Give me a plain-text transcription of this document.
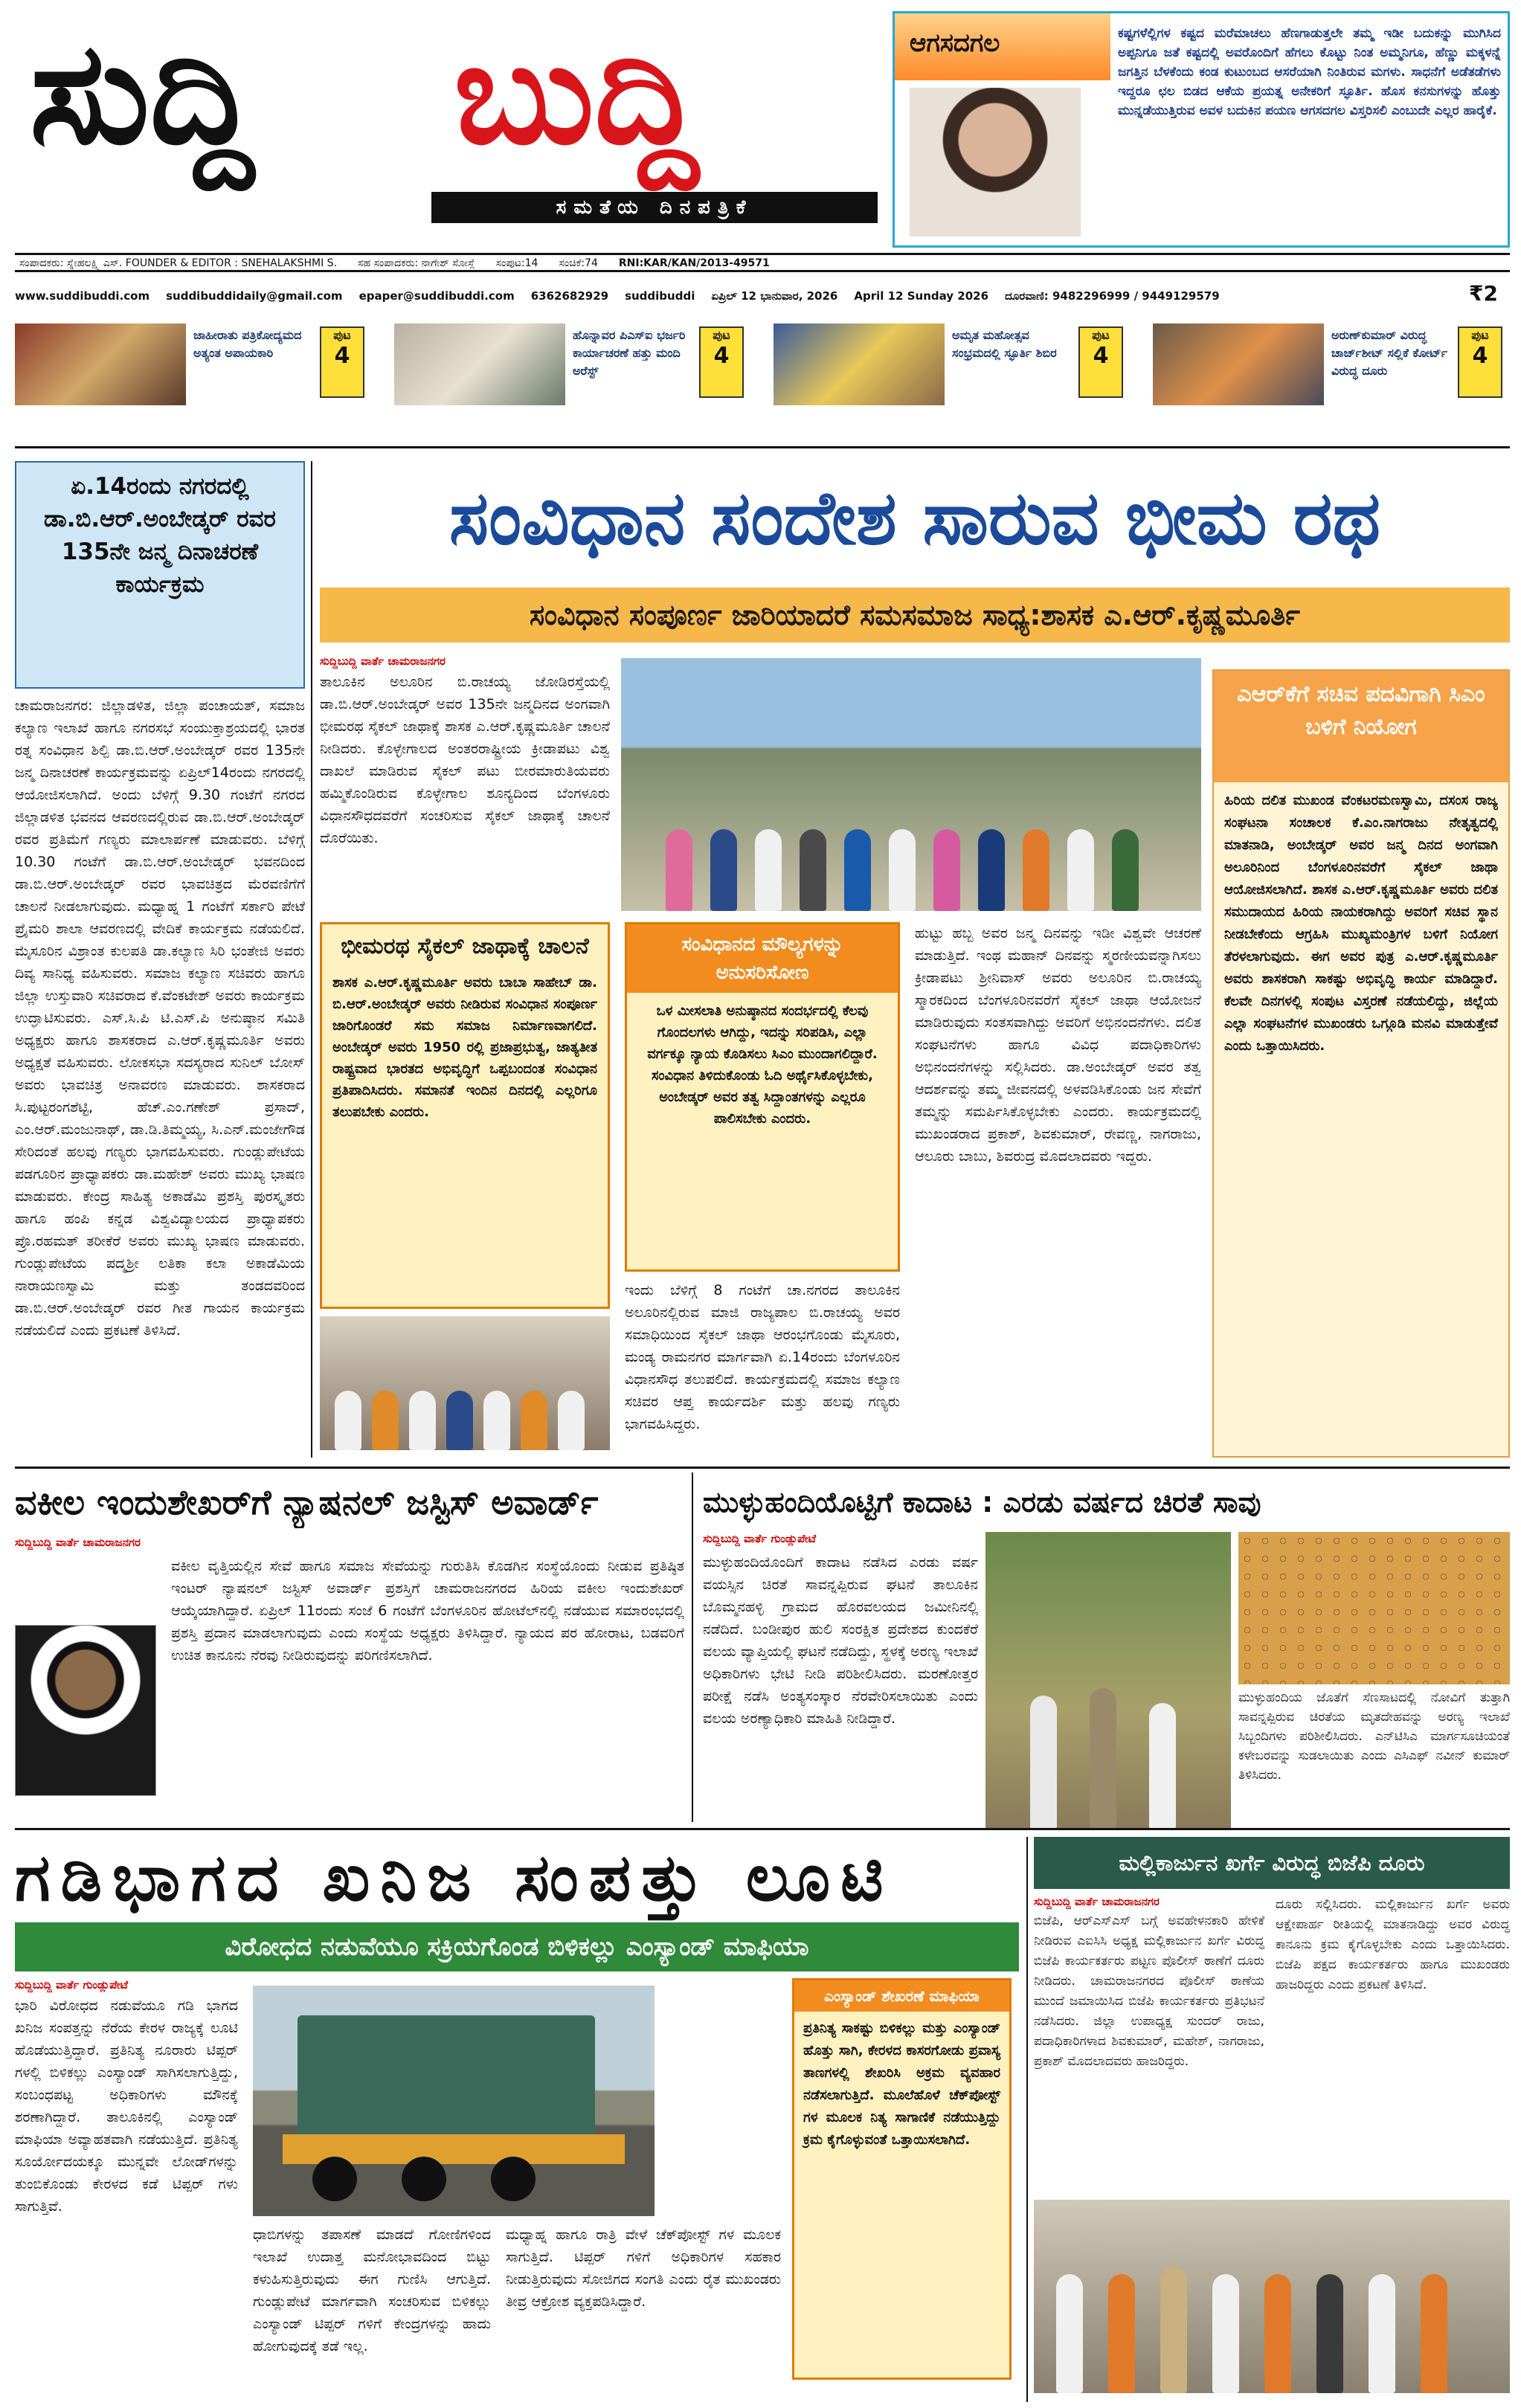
ಸುದ್ದಿ ಬುದ್ದಿ
ಸಮತೆಯ ದಿನಪತ್ರಿಕೆ
ಆಗಸದಗಲ	ಕಷ್ಟಗಳೆಲ್ಲಿಗಳ ಕಷ್ಟದ ಮರೆಮಾಚಲು ಹೆಣಗಾಡುತ್ತಲೇ ತಮ್ಮ ಇಡೀ ಬದುಕನ್ನು ಮುಗಿಸಿದ ಅಪ್ಪನಿಗೂ ಜತೆ ಕಷ್ಟದಲ್ಲಿ ಅವರೊಂದಿಗೆ ಹೆಗಲು ಕೊಟ್ಟು ನಿಂತ ಅಮ್ಮನಿಗೂ, ಹೆಣ್ಣು ಮಕ್ಕಳನ್ನೆ ಜಗತ್ತಿನ ಬೆಳಕೆಂದು ಕಂಡ ಕುಟುಂಬದ ಆಸರೆಯಾಗಿ ನಿಂತಿರುವ ಮಗಳು. ಸಾಧನೆಗೆ ಅಡೆತಡೆಗಳು ಇದ್ದರೂ ಛಲ ಬಿಡದ ಆಕೆಯ ಪ್ರಯತ್ನ ಅನೇಕರಿಗೆ ಸ್ಫೂರ್ತಿ. ಹೊಸ ಕನಸುಗಳನ್ನು ಹೊತ್ತು ಮುನ್ನಡೆಯುತ್ತಿರುವ ಅವಳ ಬದುಕಿನ ಪಯಣ ಆಗಸದಗಲ ವಿಸ್ತರಿಸಲಿ ಎಂಬುದೇ ಎಲ್ಲರ ಹಾರೈಕೆ.
ಸಂಪಾದಕರು: ಸ್ನೇಹಲಕ್ಷ್ಮಿ ಎಸ್. FOUNDER & EDITOR : SNEHALAKSHMI S. ಸಹ ಸಂಪಾದಕರು: ನಾಗೇಶ್ ಸೋಸ್ಲೆ ಸಂಪುಟ:14 ಸಂಚಿಕೆ:74 RNI:KAR/KAN/2013-49571
www.suddibuddi.com suddibuddidaily@gmail.com epaper@suddibuddi.com 6362682929 suddibuddi ಏಪ್ರಿಲ್ 12 ಭಾನುವಾರ, 2026 April 12 Sunday 2026 ದೂರವಾಣಿ: 9482296999 / 9449129579	₹2
ಜಾಹೀರಾತು ಪತ್ರಿಕೋದ್ಯಮದ ಅತ್ಯಂತ ಅಪಾಯಕಾರಿ
ಪುಟ
4
ಹೊನ್ನಾವರ ಪಿಎಸ್‌ಐ ಭರ್ಜರಿ ಕಾರ್ಯಾಚರಣೆ ಹತ್ತು ಮಂದಿ ಅರೆಸ್ಟ್
ಪುಟ
4
ಅಮೃತ ಮಹೋತ್ಸವ ಸಂಭ್ರಮದಲ್ಲಿ ಸ್ಫೂರ್ತಿ ಶಿಬಿರ
ಪುಟ
4
ಅರುಣ್‌ಕುಮಾರ್ ವಿರುದ್ಧ ಚಾರ್ಜ್‌ಶೀಟ್ ಸಲ್ಲಿಕೆ ಕೋರ್ಟ್ ವಿರುದ್ಧ ದೂರು
ಪುಟ
4
ಏ.14ರಂದು ನಗರದಲ್ಲಿ ಡಾ.ಬಿ.ಆರ್.ಅಂಬೇಡ್ಕರ್ ರವರ 135ನೇ ಜನ್ಮ ದಿನಾಚರಣೆ ಕಾರ್ಯಕ್ರಮ
ಚಾಮರಾಜನಗರ: ಜಿಲ್ಲಾಡಳಿತ, ಜಿಲ್ಲಾ ಪಂಚಾಯತ್, ಸಮಾಜ ಕಲ್ಯಾಣ ಇಲಾಖೆ ಹಾಗೂ ನಗರಸಭೆ ಸಂಯುಕ್ತಾಶ್ರಯದಲ್ಲಿ ಭಾರತ ರತ್ನ ಸಂವಿಧಾನ ಶಿಲ್ಪಿ ಡಾ.ಬಿ.ಆರ್.ಅಂಬೇಡ್ಕರ್ ರವರ 135ನೇ ಜನ್ಮ ದಿನಾಚರಣೆ ಕಾರ್ಯಕ್ರಮವನ್ನು ಏಪ್ರಿಲ್14ರಂದು ನಗರದಲ್ಲಿ ಆಯೋಜಿಸಲಾಗಿದೆ. ಅಂದು ಬೆಳಿಗ್ಗೆ 9.30 ಗಂಟೆಗೆ ನಗರದ ಜಿಲ್ಲಾಡಳಿತ ಭವನದ ಆವರಣದಲ್ಲಿರುವ ಡಾ.ಬಿ.ಆರ್.ಅಂಬೇಡ್ಕರ್ ರವರ ಪ್ರತಿಮೆಗೆ ಗಣ್ಯರು ಮಾಲಾರ್ಪಣೆ ಮಾಡುವರು. ಬೆಳಿಗ್ಗೆ 10.30 ಗಂಟೆಗೆ ಡಾ.ಬಿ.ಆರ್.ಅಂಬೇಡ್ಕರ್ ಭವನದಿಂದ ಡಾ.ಬಿ.ಆರ್.ಅಂಬೇಡ್ಕರ್ ರವರ ಭಾವಚಿತ್ರದ ಮೆರವಣಿಗೆಗೆ ಚಾಲನೆ ನೀಡಲಾಗುವುದು. ಮಧ್ಯಾಹ್ನ 1 ಗಂಟೆಗೆ ಸರ್ಕಾರಿ ಪೇಟೆ ಪ್ರೈಮರಿ ಶಾಲಾ ಆವರಣದಲ್ಲಿ ವೇದಿಕೆ ಕಾರ್ಯಕ್ರಮ ನಡೆಯಲಿದೆ. ಮೈಸೂರಿನ ವಿಶ್ರಾಂತ ಕುಲಪತಿ ಡಾ.ಕಲ್ಯಾಣ ಸಿರಿ ಭಂತೇಜಿ ಅವರು ದಿವ್ಯ ಸಾನಿಧ್ಯ ವಹಿಸುವರು. ಸಮಾಜ ಕಲ್ಯಾಣ ಸಚಿವರು ಹಾಗೂ ಜಿಲ್ಲಾ ಉಸ್ತುವಾರಿ ಸಚಿವರಾದ ಕೆ.ವೆಂಕಟೇಶ್ ಅವರು ಕಾರ್ಯಕ್ರಮ ಉದ್ಘಾಟಿಸುವರು. ಎಸ್.ಸಿ.ಪಿ ಟಿ.ಎಸ್.ಪಿ ಅನುಷ್ಠಾನ ಸಮಿತಿ ಅಧ್ಯಕ್ಷರು ಹಾಗೂ ಶಾಸಕರಾದ ಎ.ಆರ್.ಕೃಷ್ಣಮೂರ್ತಿ ಅವರು ಅಧ್ಯಕ್ಷತೆ ವಹಿಸುವರು. ಲೋಕಸಭಾ ಸದಸ್ಯರಾದ ಸುನಿಲ್ ಬೋಸ್ ಅವರು ಭಾವಚಿತ್ರ ಅನಾವರಣ ಮಾಡುವರು. ಶಾಸಕರಾದ ಸಿ.ಪುಟ್ಟರಂಗಶೆಟ್ಟಿ, ಹೆಚ್.ಎಂ.ಗಣೇಶ್ ಪ್ರಸಾದ್, ಎಂ.ಆರ್.ಮಂಜುನಾಥ್, ಡಾ.ಡಿ.ತಿಮ್ಮಯ್ಯ, ಸಿ.ಎನ್.ಮಂಜೇಗೌಡ ಸೇರಿದಂತೆ ಹಲವು ಗಣ್ಯರು ಭಾಗವಹಿಸುವರು. ಗುಂಡ್ಲುಪೇಟೆಯ ಪಡಗೂರಿನ ಪ್ರಾಧ್ಯಾಪಕರು ಡಾ.ಮಹೇಶ್ ಅವರು ಮುಖ್ಯ ಭಾಷಣ ಮಾಡುವರು. ಕೇಂದ್ರ ಸಾಹಿತ್ಯ ಅಕಾಡೆಮಿ ಪ್ರಶಸ್ತಿ ಪುರಸ್ಕೃತರು ಹಾಗೂ ಹಂಪಿ ಕನ್ನಡ ವಿಶ್ವವಿದ್ಯಾಲಯದ ಪ್ರಾಧ್ಯಾಪಕರು ಪ್ರೊ.ರಹಮತ್ ತರೀಕೆರೆ ಅವರು ಮುಖ್ಯ ಭಾಷಣ ಮಾಡುವರು. ಗುಂಡ್ಲುಪೇಟೆಯ ಪದ್ಮಶ್ರೀ ಲತಿಕಾ ಕಲಾ ಅಕಾಡೆಮಿಯ ನಾರಾಯಣಸ್ವಾಮಿ ಮತ್ತು ತಂಡದವರಿಂದ ಡಾ.ಬಿ.ಆರ್.ಅಂಬೇಡ್ಕರ್ ರವರ ಗೀತ ಗಾಯನ ಕಾರ್ಯಕ್ರಮ ನಡೆಯಲಿದೆ ಎಂದು ಪ್ರಕಟಣೆ ತಿಳಿಸಿದೆ.
ಸಂವಿಧಾನ ಸಂದೇಶ ಸಾರುವ ಭೀಮ ರಥ
ಸಂವಿಧಾನ ಸಂಪೂರ್ಣ ಜಾರಿಯಾದರೆ ಸಮಸಮಾಜ ಸಾಧ್ಯ:ಶಾಸಕ ಎ.ಆರ್.ಕೃಷ್ಣಮೂರ್ತಿ
ಸುದ್ದಿಬುದ್ದಿ ವಾರ್ತೆ ಚಾಮರಾಜನಗರ
ತಾಲೂಕಿನ ಅಲೂರಿನ ಬಿ.ರಾಚಯ್ಯ ಜೋಡಿರಸ್ತೆಯಲ್ಲಿ ಡಾ.ಬಿ.ಆರ್.ಅಂಬೇಡ್ಕರ್ ಅವರ 135ನೇ ಜನ್ಮದಿನದ ಅಂಗವಾಗಿ ಭೀಮರಥ ಸೈಕಲ್ ಜಾಥಾಕ್ಕೆ ಶಾಸಕ ಎ.ಆರ್.ಕೃಷ್ಣಮೂರ್ತಿ ಚಾಲನೆ ನೀಡಿದರು. ಕೊಳ್ಳೇಗಾಲದ ಅಂತರರಾಷ್ಟ್ರೀಯ ಕ್ರೀಡಾಪಟು ವಿಶ್ವ ದಾಖಲೆ ಮಾಡಿರುವ ಸೈಕಲ್ ಪಟು ಬೀರಮಾರುತಿಯವರು ಹಮ್ಮಿಕೊಂಡಿರುವ ಕೊಳ್ಳೇಗಾಲ ಶೂನ್ಯದಿಂದ ಬೆಂಗಳೂರು ವಿಧಾನಸೌಧದವರೆಗೆ ಸಂಚರಿಸುವ ಸೈಕಲ್ ಜಾಥಾಕ್ಕೆ ಚಾಲನೆ ದೊರೆಯಿತು.
ಎಆರ್‌ಕೆಗೆ ಸಚಿವ ಪದವಿಗಾಗಿ ಸಿಎಂ ಬಳಿಗೆ ನಿಯೋಗ
ಹಿರಿಯ ದಲಿತ ಮುಖಂಡ ವೆಂಕಟರಮಣಸ್ವಾಮಿ, ದಸಂಸ ರಾಜ್ಯ ಸಂಘಟನಾ ಸಂಚಾಲಕ ಕೆ.ಎಂ.ನಾಗರಾಜು ನೇತೃತ್ವದಲ್ಲಿ ಮಾತನಾಡಿ, ಅಂಬೇಡ್ಕರ್ ಅವರ ಜನ್ಮ ದಿನದ ಅಂಗವಾಗಿ ಅಲೂರಿನಿಂದ ಬೆಂಗಳೂರಿನವರೆಗೆ ಸೈಕಲ್ ಜಾಥಾ ಆಯೋಜಿಸಲಾಗಿದೆ. ಶಾಸಕ ಎ.ಆರ್.ಕೃಷ್ಣಮೂರ್ತಿ ಅವರು ದಲಿತ ಸಮುದಾಯದ ಹಿರಿಯ ನಾಯಕರಾಗಿದ್ದು ಅವರಿಗೆ ಸಚಿವ ಸ್ಥಾನ ನೀಡಬೇಕೆಂದು ಆಗ್ರಹಿಸಿ ಮುಖ್ಯಮಂತ್ರಿಗಳ ಬಳಿಗೆ ನಿಯೋಗ ತೆರಳಲಾಗುವುದು. ಈಗ ಅವರ ಪುತ್ರ ಎ.ಆರ್.ಕೃಷ್ಣಮೂರ್ತಿ ಅವರು ಶಾಸಕರಾಗಿ ಸಾಕಷ್ಟು ಅಭಿವೃದ್ಧಿ ಕಾರ್ಯ ಮಾಡಿದ್ದಾರೆ. ಕೆಲವೇ ದಿನಗಳಲ್ಲಿ ಸಂಪುಟ ವಿಸ್ತರಣೆ ನಡೆಯಲಿದ್ದು, ಜಿಲ್ಲೆಯ ಎಲ್ಲಾ ಸಂಘಟನೆಗಳ ಮುಖಂಡರು ಒಗ್ಗೂಡಿ ಮನವಿ ಮಾಡುತ್ತೇವೆ ಎಂದು ಒತ್ತಾಯಿಸಿದರು.
ಭೀಮರಥ ಸೈಕಲ್ ಜಾಥಾಕ್ಕೆ ಚಾಲನೆ
ಶಾಸಕ ಎ.ಆರ್.ಕೃಷ್ಣಮೂರ್ತಿ ಅವರು ಬಾಬಾ ಸಾಹೇಬ್ ಡಾ. ಬಿ.ಆರ್.ಅಂಬೇಡ್ಕರ್ ಅವರು ನೀಡಿರುವ ಸಂವಿಧಾನ ಸಂಪೂರ್ಣ ಜಾರಿಗೊಂಡರೆ ಸಮ ಸಮಾಜ ನಿರ್ಮಾಣವಾಗಲಿದೆ. ಅಂಬೇಡ್ಕರ್ ಅವರು 1950 ರಲ್ಲಿ ಪ್ರಜಾಪ್ರಭುತ್ವ, ಜಾತ್ಯತೀತ ರಾಷ್ಟ್ರವಾದ ಭಾರತದ ಅಭಿವೃದ್ಧಿಗೆ ಒಪ್ಪಬಂದಂತ ಸಂವಿಧಾನ ಪ್ರತಿಪಾದಿಸಿದರು. ಸಮಾನತೆ ಇಂದಿನ ದಿನದಲ್ಲಿ ಎಲ್ಲರಿಗೂ ತಲುಪಬೇಕು ಎಂದರು.
ಸಂವಿಧಾನದ ಮೌಲ್ಯಗಳನ್ನು ಅನುಸರಿಸೋಣ
ಒಳ ಮೀಸಲಾತಿ ಅನುಷ್ಠಾನದ ಸಂದರ್ಭದಲ್ಲಿ ಕೆಲವು ಗೊಂದಲಗಳು ಆಗಿದ್ದು, ಇದನ್ನು ಸರಿಪಡಿಸಿ, ಎಲ್ಲಾ ವರ್ಗಕ್ಕೂ ನ್ಯಾಯ ಕೊಡಿಸಲು ಸಿಎಂ ಮುಂದಾಗಲಿದ್ದಾರೆ. ಸಂವಿಧಾನ ತಿಳಿದುಕೊಂಡು ಓದಿ ಅರ್ಥೈಸಿಕೊಳ್ಳಬೇಕು, ಅಂಬೇಡ್ಕರ್ ಅವರ ತತ್ವ ಸಿದ್ದಾಂತಗಳನ್ನು ಎಲ್ಲರೂ ಪಾಲಿಸಬೇಕು ಎಂದರು.
ಇಂದು ಬೆಳಿಗ್ಗೆ 8 ಗಂಟೆಗೆ ಚಾ.ನಗರದ ತಾಲೂಕಿನ ಅಲೂರಿನಲ್ಲಿರುವ ಮಾಜಿ ರಾಜ್ಯಪಾಲ ಬಿ.ರಾಚಯ್ಯ ಅವರ ಸಮಾಧಿಯಿಂದ ಸೈಕಲ್ ಜಾಥಾ ಆರಂಭಗೊಂಡು ಮೈಸೂರು, ಮಂಡ್ಯ ರಾಮನಗರ ಮಾರ್ಗವಾಗಿ ಏ.14ರಂದು ಬೆಂಗಳೂರಿನ ವಿಧಾನಸೌಧ ತಲುಪಲಿದೆ. ಕಾರ್ಯಕ್ರಮದಲ್ಲಿ ಸಮಾಜ ಕಲ್ಯಾಣ ಸಚಿವರ ಆಪ್ತ ಕಾರ್ಯದರ್ಶಿ ಮತ್ತು ಹಲವು ಗಣ್ಯರು ಭಾಗವಹಿಸಿದ್ದರು.
ಹುಟ್ಟು ಹಬ್ಬ ಅವರ ಜನ್ಮ ದಿನವನ್ನು ಇಡೀ ವಿಶ್ವವೇ ಆಚರಣೆ ಮಾಡುತ್ತಿದೆ. ಇಂಥ ಮಹಾನ್ ದಿನವನ್ನು ಸ್ಮರಣೀಯವನ್ನಾಗಿಸಲು ಕ್ರೀಡಾಪಟು ಶ್ರೀನಿವಾಸ್ ಅವರು ಅಲೂರಿನ ಬಿ.ರಾಚಯ್ಯ ಸ್ಮಾರಕದಿಂದ ಬೆಂಗಳೂರಿನವರೆಗೆ ಸೈಕಲ್ ಜಾಥಾ ಆಯೋಜನೆ ಮಾಡಿರುವುದು ಸಂತಸವಾಗಿದ್ದು ಅವರಿಗೆ ಅಭಿನಂದನೆಗಳು. ದಲಿತ ಸಂಘಟನೆಗಳು ಹಾಗೂ ವಿವಿಧ ಪದಾಧಿಕಾರಿಗಳು ಅಭಿನಂದನೆಗಳನ್ನು ಸಲ್ಲಿಸಿದರು. ಡಾ.ಅಂಬೇಡ್ಕರ್ ಅವರ ತತ್ವ ಆದರ್ಶವನ್ನು ತಮ್ಮ ಜೀವನದಲ್ಲಿ ಅಳವಡಿಸಿಕೊಂಡು ಜನ ಸೇವೆಗೆ ತಮ್ಮನ್ನು ಸಮರ್ಪಿಸಿಕೊಳ್ಳಬೇಕು ಎಂದರು. ಕಾರ್ಯಕ್ರಮದಲ್ಲಿ ಮುಖಂಡರಾದ ಪ್ರಕಾಶ್, ಶಿವಕುಮಾರ್, ರೇವಣ್ಣ, ನಾಗರಾಜು, ಆಲೂರು ಬಾಬು, ಶಿವರುದ್ರ ಮೊದಲಾದವರು ಇದ್ದರು.
ವಕೀಲ ಇಂದುಶೇಖರ್‌ಗೆ ನ್ಯಾಷನಲ್ ಜಸ್ಟಿಸ್ ಅವಾರ್ಡ್
ಸುದ್ದಿಬುದ್ದಿ ವಾರ್ತೆ ಚಾಮರಾಜನಗರ
ವಕೀಲ ವೃತ್ತಿಯಲ್ಲಿನ ಸೇವೆ ಹಾಗೂ ಸಮಾಜ ಸೇವೆಯನ್ನು ಗುರುತಿಸಿ ಕೊಡಗಿನ ಸಂಸ್ಥೆಯೊಂದು ನೀಡುವ ಪ್ರತಿಷ್ಠಿತ ಇಂಟರ್ ನ್ಯಾಷನಲ್ ಜಸ್ಟಿಸ್ ಅವಾರ್ಡ್ ಪ್ರಶಸ್ತಿಗೆ ಚಾಮರಾಜನಗರದ ಹಿರಿಯ ವಕೀಲ ಇಂದುಶೇಖರ್ ಆಯ್ಕೆಯಾಗಿದ್ದಾರೆ. ಏಪ್ರಿಲ್ 11ರಂದು ಸಂಜೆ 6 ಗಂಟೆಗೆ ಬೆಂಗಳೂರಿನ ಹೋಟೆಲ್‌ನಲ್ಲಿ ನಡೆಯುವ ಸಮಾರಂಭದಲ್ಲಿ ಪ್ರಶಸ್ತಿ ಪ್ರದಾನ ಮಾಡಲಾಗುವುದು ಎಂದು ಸಂಸ್ಥೆಯ ಅಧ್ಯಕ್ಷರು ತಿಳಿಸಿದ್ದಾರೆ. ನ್ಯಾಯದ ಪರ ಹೋರಾಟ, ಬಡವರಿಗೆ ಉಚಿತ ಕಾನೂನು ನೆರವು ನೀಡಿರುವುದನ್ನು ಪರಿಗಣಿಸಲಾಗಿದೆ.
ಮುಳ್ಳುಹಂದಿಯೊಟ್ಟಿಗೆ ಕಾದಾಟ : ಎರಡು ವರ್ಷದ ಚಿರತೆ ಸಾವು
ಸುದ್ದಿಬುದ್ದಿ ವಾರ್ತೆ ಗುಂಡ್ಲುಪೇಟೆ
ಮುಳ್ಳುಹಂದಿಯೊಂದಿಗೆ ಕಾದಾಟ ನಡೆಸಿದ ಎರಡು ವರ್ಷ ವಯಸ್ಸಿನ ಚಿರತೆ ಸಾವನ್ನಪ್ಪಿರುವ ಘಟನೆ ತಾಲೂಕಿನ ಬೊಮ್ಮನಹಳ್ಳಿ ಗ್ರಾಮದ ಹೊರವಲಯದ ಜಮೀನಿನಲ್ಲಿ ನಡೆದಿದೆ. ಬಂಡೀಪುರ ಹುಲಿ ಸಂರಕ್ಷಿತ ಪ್ರದೇಶದ ಕುಂದಕೆರೆ ವಲಯ ವ್ಯಾಪ್ತಿಯಲ್ಲಿ ಘಟನೆ ನಡೆದಿದ್ದು, ಸ್ಥಳಕ್ಕೆ ಅರಣ್ಯ ಇಲಾಖೆ ಅಧಿಕಾರಿಗಳು ಭೇಟಿ ನೀಡಿ ಪರಿಶೀಲಿಸಿದರು. ಮರಣೋತ್ತರ ಪರೀಕ್ಷೆ ನಡೆಸಿ ಅಂತ್ಯಸಂಸ್ಕಾರ ನೆರವೇರಿಸಲಾಯಿತು ಎಂದು ವಲಯ ಅರಣ್ಯಾಧಿಕಾರಿ ಮಾಹಿತಿ ನೀಡಿದ್ದಾರೆ.
ಮುಳ್ಳುಹಂದಿಯ ಜೊತೆಗೆ ಸೆಣಸಾಟದಲ್ಲಿ ನೋವಿಗೆ ತುತ್ತಾಗಿ ಸಾವನ್ನಪ್ಪಿರುವ ಚಿರತೆಯ ಮೃತದೇಹವನ್ನು ಅರಣ್ಯ ಇಲಾಖೆ ಸಿಬ್ಬಂದಿಗಳು ಪರಿಶೀಲಿಸಿದರು. ಎನ್‌ಟಿಸಿಎ ಮಾರ್ಗಸೂಚಿಯಂತೆ ಕಳೇಬರವನ್ನು ಸುಡಲಾಯಿತು ಎಂದು ಎಸಿಎಫ್ ನವೀನ್ ಕುಮಾರ್ ತಿಳಿಸಿದರು.
ಗಡಿಭಾಗದ ಖನಿಜ ಸಂಪತ್ತು ಲೂಟಿ
ವಿರೋಧದ ನಡುವೆಯೂ ಸಕ್ರಿಯಗೊಂಡ ಬಿಳಿಕಲ್ಲು ಎಂಸ್ಯಾಂಡ್ ಮಾಫಿಯಾ
ಸುದ್ದಿಬುದ್ದಿ ವಾರ್ತೆ ಗುಂಡ್ಲುಪೇಟೆ
ಭಾರಿ ವಿರೋಧದ ನಡುವೆಯೂ ಗಡಿ ಭಾಗದ ಖನಿಜ ಸಂಪತ್ತನ್ನು ನೆರೆಯ ಕೇರಳ ರಾಜ್ಯಕ್ಕೆ ಲೂಟಿ ಹೊಡೆಯುತ್ತಿದ್ದಾರೆ. ಪ್ರತಿನಿತ್ಯ ನೂರಾರು ಟಿಪ್ಪರ್ ಗಳಲ್ಲಿ ಬಿಳಿಕಲ್ಲು ಎಂಸ್ಯಾಂಡ್ ಸಾಗಿಸಲಾಗುತ್ತಿದ್ದು, ಸಂಬಂಧಪಟ್ಟ ಅಧಿಕಾರಿಗಳು ಮೌನಕ್ಕೆ ಶರಣಾಗಿದ್ದಾರೆ. ತಾಲೂಕಿನಲ್ಲಿ ಎಂಸ್ಯಾಂಡ್ ಮಾಫಿಯಾ ಅವ್ಯಾಹತವಾಗಿ ನಡೆಯುತ್ತಿದೆ. ಪ್ರತಿನಿತ್ಯ ಸೂರ್ಯೋದಯಕ್ಕೂ ಮುನ್ನವೇ ಲೋಡ್‌ಗಳನ್ನು ತುಂಬಿಕೊಂಡು ಕೇರಳದ ಕಡೆ ಟಿಪ್ಪರ್ ಗಳು ಸಾಗುತ್ತಿವೆ.
ಧಾಬಿಗಳನ್ನು ತಪಾಸಣೆ ಮಾಡದೆ ಗೋಣಿಗಳಿಂದ ಇಲಾಖೆ ಉದಾತ್ತ ಮನೋಭಾವದಿಂದ ಬಿಟ್ಟು ಕಳುಹಿಸುತ್ತಿರುವುದು ಈಗ ಗುಣಿಸಿ ಆಗುತ್ತಿದೆ. ಗುಂಡ್ಲುಪೇಟೆ ಮಾರ್ಗವಾಗಿ ಸಂಚರಿಸುವ ಬಿಳಿಕಲ್ಲು ಎಂಸ್ಯಾಂಡ್ ಟಿಪ್ಪರ್ ಗಳಿಗೆ ಕೇಂದ್ರಗಳನ್ನು ಹಾದು ಹೋಗುವುದಕ್ಕೆ ತಡೆ ಇಲ್ಲ.
ಮಧ್ಯಾಹ್ನ ಹಾಗೂ ರಾತ್ರಿ ವೇಳೆ ಚೆಕ್‌ಪೋಸ್ಟ್ ಗಳ ಮೂಲಕ ಸಾಗುತ್ತಿದೆ. ಟಿಪ್ಪರ್ ಗಳಿಗೆ ಅಧಿಕಾರಿಗಳ ಸಹಕಾರ ನೀಡುತ್ತಿರುವುದು ಸೋಜಿಗದ ಸಂಗತಿ ಎಂದು ರೈತ ಮುಖಂಡರು ತೀವ್ರ ಆಕ್ರೋಶ ವ್ಯಕ್ತಪಡಿಸಿದ್ದಾರೆ.
ಎಂಸ್ಯಾಂಡ್ ಶೇಖರಣೆ ಮಾಫಿಯಾ
ಪ್ರತಿನಿತ್ಯ ಸಾಕಷ್ಟು ಬಿಳಿಕಲ್ಲು ಮತ್ತು ಎಂಸ್ಯಾಂಡ್ ಹೊತ್ತು ಸಾಗಿ, ಕೇರಳದ ಕಾಸರಗೋಡು ಪ್ರವಾಸ್ಯ ತಾಣಗಳಲ್ಲಿ ಶೇಖರಿಸಿ ಅಕ್ರಮ ವ್ಯವಹಾರ ನಡೆಸಲಾಗುತ್ತಿದೆ. ಮೂಲೆಹೊಳೆ ಚೆಕ್‌ಪೋಸ್ಟ್ ಗಳ ಮೂಲಕ ನಿತ್ಯ ಸಾಗಾಣಿಕೆ ನಡೆಯುತ್ತಿದ್ದು ಕ್ರಮ ಕೈಗೊಳ್ಳುವಂತೆ ಒತ್ತಾಯಿಸಲಾಗಿದೆ.
ಮಲ್ಲಿಕಾರ್ಜುನ ಖರ್ಗೆ ವಿರುದ್ಧ ಬಿಜೆಪಿ ದೂರು
ಸುದ್ದಿಬುದ್ದಿ ವಾರ್ತೆ ಚಾಮರಾಜನಗರ
ಬಿಜೆಪಿ, ಆರ್‌ಎಸ್‌ಎಸ್ ಬಗ್ಗೆ ಅವಹೇಳನಕಾರಿ ಹೇಳಿಕೆ ನೀಡಿರುವ ಎಐಸಿಸಿ ಅಧ್ಯಕ್ಷ ಮಲ್ಲಿಕಾರ್ಜುನ ಖರ್ಗೆ ವಿರುದ್ಧ ಬಿಜೆಪಿ ಕಾರ್ಯಕರ್ತರು ಪಟ್ಟಣ ಪೊಲೀಸ್ ಠಾಣೆಗೆ ದೂರು ನೀಡಿದರು. ಚಾಮರಾಜನಗರದ ಪೊಲೀಸ್ ಠಾಣೆಯ ಮುಂದೆ ಜಮಾಯಿಸಿದ ಬಿಜೆಪಿ ಕಾರ್ಯಕರ್ತರು ಪ್ರತಿಭಟನೆ ನಡೆಸಿದರು. ಜಿಲ್ಲಾ ಉಪಾಧ್ಯಕ್ಷ ಸುಂದರ್ ರಾಜು, ಪದಾಧಿಕಾರಿಗಳಾದ ಶಿವಕುಮಾರ್, ಮಹೇಶ್, ನಾಗರಾಜು, ಪ್ರಕಾಶ್ ಮೊದಲಾದವರು ಹಾಜರಿದ್ದರು.
ದೂರು ಸಲ್ಲಿಸಿದರು. ಮಲ್ಲಿಕಾರ್ಜುನ ಖರ್ಗೆ ಅವರು ಆಕ್ಷೇಪಾರ್ಹ ರೀತಿಯಲ್ಲಿ ಮಾತನಾಡಿದ್ದು ಅವರ ವಿರುದ್ಧ ಕಾನೂನು ಕ್ರಮ ಕೈಗೊಳ್ಳಬೇಕು ಎಂದು ಒತ್ತಾಯಿಸಿದರು. ಬಿಜೆಪಿ ಪಕ್ಷದ ಕಾರ್ಯಕರ್ತರು ಹಾಗೂ ಮುಖಂಡರು ಹಾಜರಿದ್ದರು ಎಂದು ಪ್ರಕಟಣೆ ತಿಳಿಸಿದೆ.
